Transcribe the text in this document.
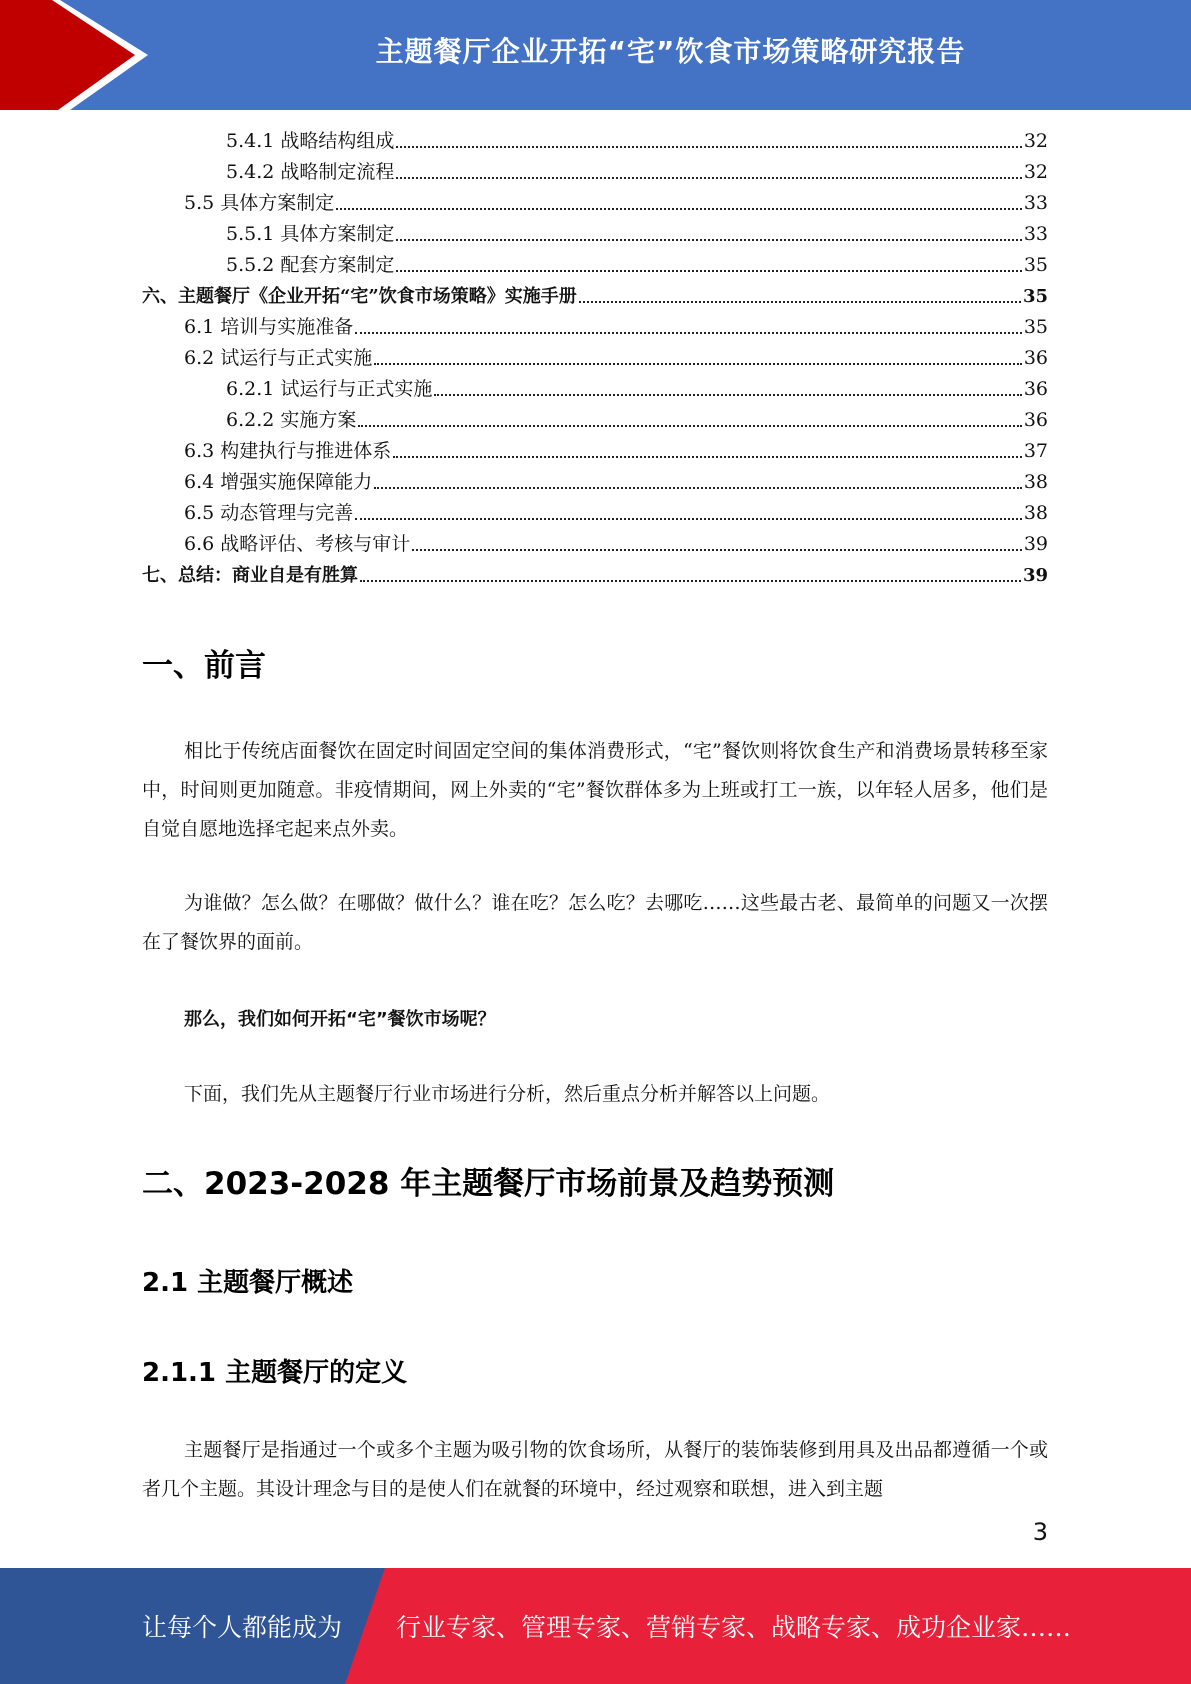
主题餐厅企业开拓“宅”饮食市场策略研究报告
5.4.1 战略结构组成	32
5.4.2 战略制定流程	32
5.5 具体方案制定	33
5.5.1 具体方案制定	33
5.5.2 配套方案制定	35
六、主题餐厅《企业开拓“宅”饮食市场策略》实施手册	35
6.1 培训与实施准备	35
6.2 试运行与正式实施	36
6.2.1 试运行与正式实施	36
6.2.2 实施方案	36
6.3 构建执行与推进体系	37
6.4 增强实施保障能力	38
6.5 动态管理与完善	38
6.6 战略评估、考核与审计	39
七、总结：商业自是有胜算	39
一、前言
相比于传统店面餐饮在固定时间固定空间的集体消费形式，“宅”餐饮则将饮食生产和消费场景转移至家中，时间则更加随意。非疫情期间，网上外卖的“宅”餐饮群体多为上班或打工一族，以年轻人居多，他们是自觉自愿地选择宅起来点外卖。
为谁做？怎么做？在哪做？做什么？谁在吃？怎么吃？去哪吃……这些最古老、最简单的问题又一次摆在了餐饮界的面前。
那么，我们如何开拓“宅”餐饮市场呢？
下面，我们先从主题餐厅行业市场进行分析，然后重点分析并解答以上问题。
二、2023-2028 年主题餐厅市场前景及趋势预测
2.1 主题餐厅概述
2.1.1 主题餐厅的定义
主题餐厅是指通过一个或多个主题为吸引物的饮食场所，从餐厅的装饰装修到用具及出品都遵循一个或者几个主题。其设计理念与目的是使人们在就餐的环境中，经过观察和联想，进入到主题
3
让每个人都能成为 行业专家、管理专家、营销专家、战略专家、成功企业家……
